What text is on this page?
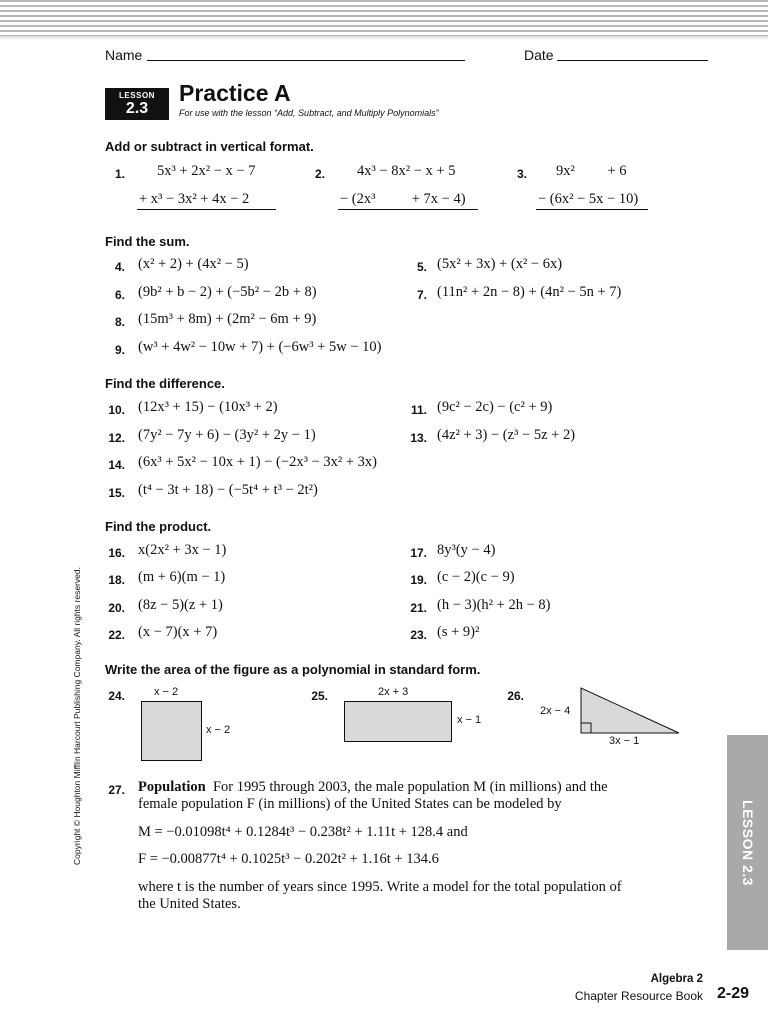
Name	Date
LESSON
2.3
Practice A
For use with the lesson “Add, Subtract, and Multiply Polynomials”
Add or subtract in vertical format.
1. 5x³ + 2x² − x − 7
+ x³ − 3x² + 4x − 2
2. 4x³ − 8x² − x + 5
− (2x³          + 7x − 4)
3. 9x²         + 6
− (6x² − 5x − 10)
Find the sum.
4. (x² + 2) + (4x² − 5)	5. (5x² + 3x) + (x² − 6x)
6. (9b² + b − 2) + (−5b² − 2b + 8)	7. (11n² + 2n − 8) + (4n² − 5n + 7)
8. (15m³ + 8m) + (2m² − 6m + 9)
9. (w³ + 4w² − 10w + 7) + (−6w³ + 5w − 10)
Find the difference.
10. (12x³ + 15) − (10x³ + 2)	11. (9c² − 2c) − (c² + 9)
12. (7y² − 7y + 6) − (3y² + 2y − 1)	13. (4z² + 3) − (z³ − 5z + 2)
14. (6x³ + 5x² − 10x + 1) − (−2x³ − 3x² + 3x)
15. (t⁴ − 3t + 18) − (−5t⁴ + t³ − 2t²)
Find the product.
16. x(2x² + 3x − 1)	17. 8y³(y − 4)
18. (m + 6)(m − 1)	19. (c − 2)(c − 9)
20. (8z − 5)(z + 1)	21. (h − 3)(h² + 2h − 8)
22. (x − 7)(x + 7)	23. (s + 9)²
Write the area of the figure as a polynomial in standard form.
24.	x − 2
x − 2
25.	2x + 3
x − 1
26.
2x − 4
3x − 1
27. Population For 1995 through 2003, the male population M (in millions) and the
female population F (in millions) of the United States can be modeled by
M = −0.01098t⁴ + 0.1284t³ − 0.238t² + 1.11t + 128.4 and
F = −0.00877t⁴ + 0.1025t³ − 0.202t² + 1.16t + 134.6
where t is the number of years since 1995. Write a model for the total population of
the United States.
LESSON 2.3
Copyright © Houghton Mifflin Harcourt Publishing Company. All rights reserved.
Algebra 2
Chapter Resource Book 2-29
